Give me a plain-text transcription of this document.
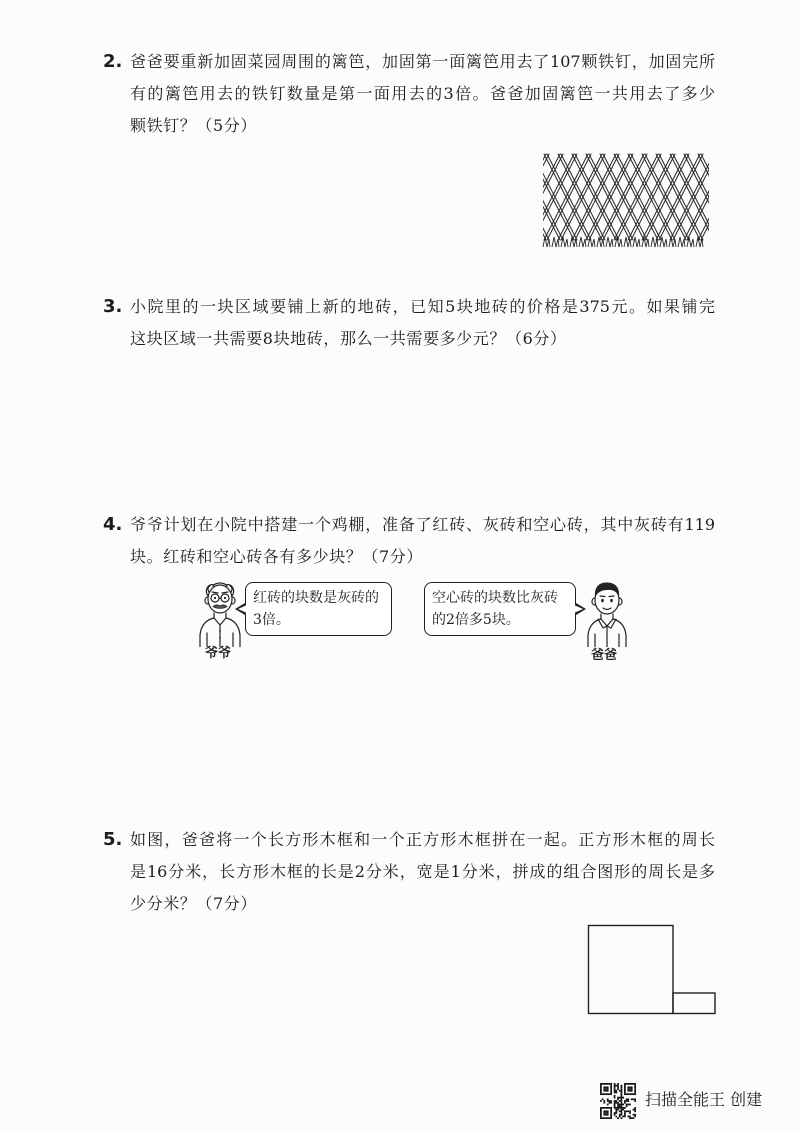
2. 爸爸要重新加固菜园周围的篱笆，加固第一面篱笆用去了107颗铁钉，加固完所
有的篱笆用去的铁钉数量是第一面用去的3倍。爸爸加固篱笆一共用去了多少
颗铁钉？（5分）
3. 小院里的一块区域要铺上新的地砖，已知5块地砖的价格是375元。如果铺完
这块区域一共需要8块地砖，那么一共需要多少元？（6分）
4. 爷爷计划在小院中搭建一个鸡棚，准备了红砖、灰砖和空心砖，其中灰砖有119
块。红砖和空心砖各有多少块？（7分）
爷爷
红砖的块数是灰砖的
3倍。
空心砖的块数比灰砖
的2倍多5块。
爸爸
5. 如图，爸爸将一个长方形木框和一个正方形木框拼在一起。正方形木框的周长
是16分米，长方形木框的长是2分米，宽是1分米，拼成的组合图形的周长是多
少分米？（7分）
扫描全能王 创建
